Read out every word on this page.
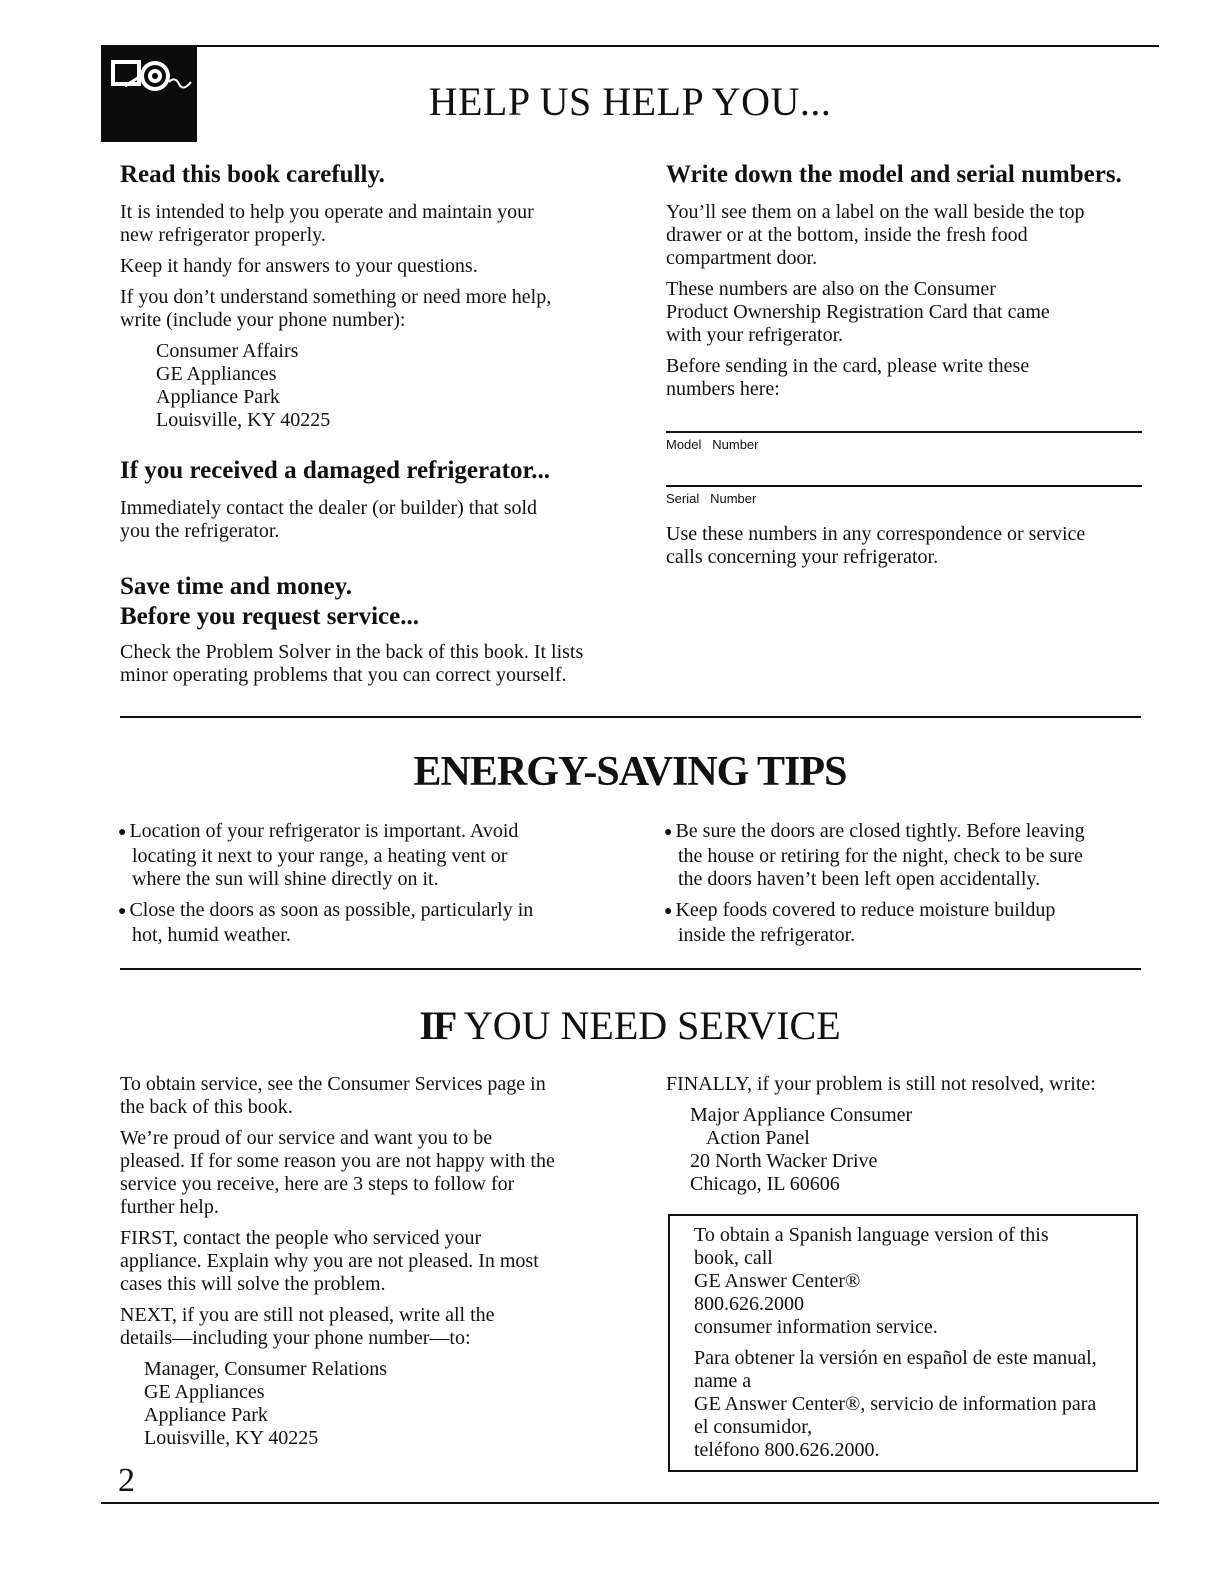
HELP US HELP YOU...
Read this book carefully.

It is intended to help you operate and maintain your

new refrigerator properly.

Keep it handy for answers to your questions.

If you don’t understand something or need more help,

write (include your phone number):

Consumer Affairs

GE Appliances

Appliance Park

Louisville, KY 40225

If you received a damaged refrigerator...

Immediately contact the dealer (or builder) that sold

you the refrigerator.

Save time and money.
Before you request service...

Check the Problem Solver in the back of this book. It lists

minor operating problems that you can correct yourself.

Write down the model and serial numbers.

You’ll see them on a label on the wall beside the top

drawer or at the bottom, inside the fresh food

compartment door.

These numbers are also on the Consumer

Product Ownership Registration Card that came

with your refrigerator.

Before sending in the card, please write these

numbers here:

Model   Number
Serial   Number

Use these numbers in any correspondence or service

calls concerning your refrigerator.

ENERGY-SAVING TIPS

● Location of your refrigerator is important. Avoid
locating it next to your range, a heating vent or
where the sun will shine directly on it.

● Close the doors as soon as possible, particularly in
hot, humid weather.

● Be sure the doors are closed tightly. Before leaving
the house or retiring for the night, check to be sure
the doors haven’t been left open accidentally.

● Keep foods covered to reduce moisture buildup
inside the refrigerator.

IF YOU NEED SERVICE

To obtain service, see the Consumer Services page in

the back of this book.

We’re proud of our service and want you to be

pleased. If for some reason you are not happy with the

service you receive, here are 3 steps to follow for

further help.

FIRST, contact the people who serviced your

appliance. Explain why you are not pleased. In most

cases this will solve the problem.

NEXT, if you are still not pleased, write all the

details—including your phone number—to:

Manager, Consumer Relations

GE Appliances

Appliance Park

Louisville, KY 40225

FINALLY, if your problem is still not resolved, write:

Major Appliance Consumer

Action Panel

20 North Wacker Drive

Chicago, IL 60606

To obtain a Spanish language version of this

book, call

GE Answer Center®

800.626.2000

consumer information service.

Para obtener la versión en español de este manual,

name a

GE Answer Center®, servicio de information para

el consumidor,

teléfono 800.626.2000.

2
